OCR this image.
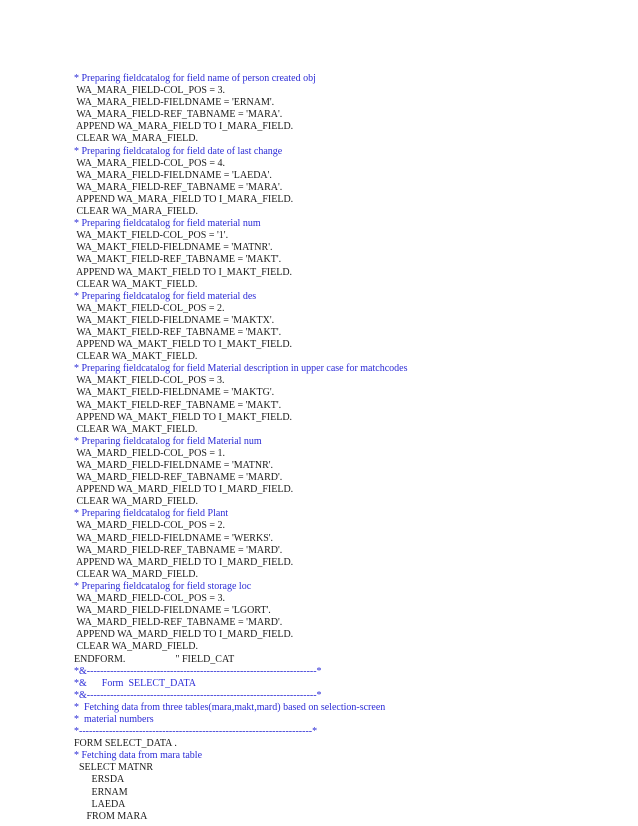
* Preparing fieldcatalog for field name of person created obj
WA_MARA_FIELD-COL_POS = 3.
WA_MARA_FIELD-FIELDNAME = 'ERNAM'.
WA_MARA_FIELD-REF_TABNAME = 'MARA'.
APPEND WA_MARA_FIELD TO I_MARA_FIELD.
CLEAR WA_MARA_FIELD.
* Preparing fieldcatalog for field date of last change
WA_MARA_FIELD-COL_POS = 4.
WA_MARA_FIELD-FIELDNAME = 'LAEDA'.
WA_MARA_FIELD-REF_TABNAME = 'MARA'.
APPEND WA_MARA_FIELD TO I_MARA_FIELD.
CLEAR WA_MARA_FIELD.
* Preparing fieldcatalog for field material num
WA_MAKT_FIELD-COL_POS = '1'.
WA_MAKT_FIELD-FIELDNAME = 'MATNR'.
WA_MAKT_FIELD-REF_TABNAME = 'MAKT'.
APPEND WA_MAKT_FIELD TO I_MAKT_FIELD.
CLEAR WA_MAKT_FIELD.
* Preparing fieldcatalog for field material des
WA_MAKT_FIELD-COL_POS = 2.
WA_MAKT_FIELD-FIELDNAME = 'MAKTX'.
WA_MAKT_FIELD-REF_TABNAME = 'MAKT'.
APPEND WA_MAKT_FIELD TO I_MAKT_FIELD.
CLEAR WA_MAKT_FIELD.
* Preparing fieldcatalog for field Material description in upper case for matchcodes
WA_MAKT_FIELD-COL_POS = 3.
WA_MAKT_FIELD-FIELDNAME = 'MAKTG'.
WA_MAKT_FIELD-REF_TABNAME = 'MAKT'.
APPEND WA_MAKT_FIELD TO I_MAKT_FIELD.
CLEAR WA_MAKT_FIELD.
* Preparing fieldcatalog for field Material num
WA_MARD_FIELD-COL_POS = 1.
WA_MARD_FIELD-FIELDNAME = 'MATNR'.
WA_MARD_FIELD-REF_TABNAME = 'MARD'.
APPEND WA_MARD_FIELD TO I_MARD_FIELD.
CLEAR WA_MARD_FIELD.
* Preparing fieldcatalog for field Plant
WA_MARD_FIELD-COL_POS = 2.
WA_MARD_FIELD-FIELDNAME = 'WERKS'.
WA_MARD_FIELD-REF_TABNAME = 'MARD'.
APPEND WA_MARD_FIELD TO I_MARD_FIELD.
CLEAR WA_MARD_FIELD.
* Preparing fieldcatalog for field storage loc
WA_MARD_FIELD-COL_POS = 3.
WA_MARD_FIELD-FIELDNAME = 'LGORT'.
WA_MARD_FIELD-REF_TABNAME = 'MARD'.
APPEND WA_MARD_FIELD TO I_MARD_FIELD.
CLEAR WA_MARD_FIELD.
ENDFORM.                    " FIELD_CAT
*&---------------------------------------------------------------------*
*&      Form  SELECT_DATA
*&---------------------------------------------------------------------*
*  Fetching data from three tables(mara,makt,mard) based on selection-screen
*  material numbers
*----------------------------------------------------------------------*
FORM SELECT_DATA .
* Fetching data from mara table
SELECT MATNR
ERSDA
ERNAM
LAEDA
FROM MARA
